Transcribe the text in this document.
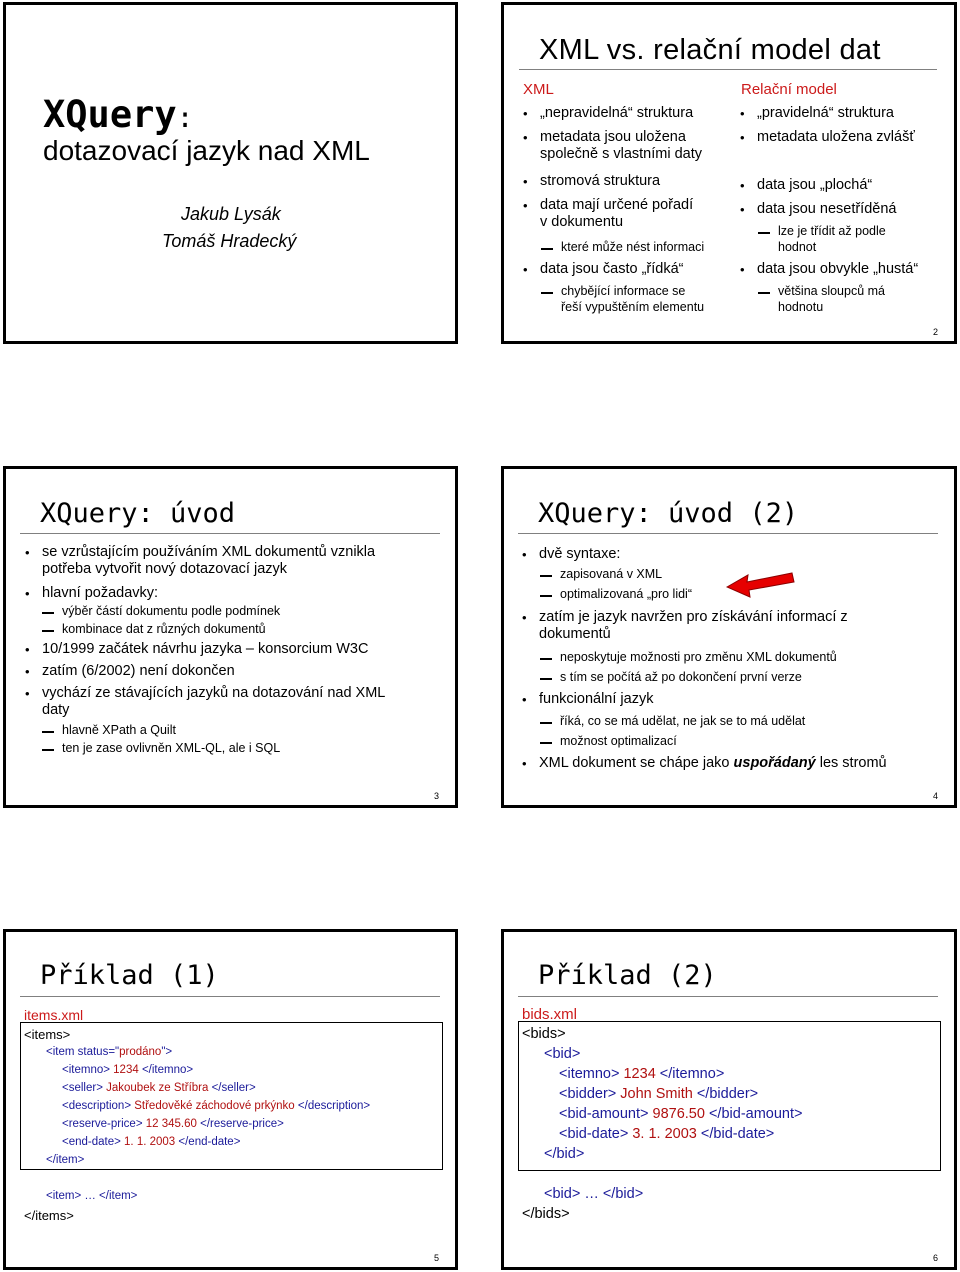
XQuery:
dotazovací jazyk nad XML
Jakub Lysák
Tomáš Hradecký
XML vs. relační model dat
XML
• „nepravidelná“ struktura
• metadata jsou uložena
společně s vlastními daty
• stromová struktura
• data mají určené pořadí
v dokumentu
které může nést informaci
• data jsou často „řídká“
chybějící informace se
řeší vypuštěním elementu
Relační model
• „pravidelná“ struktura
• metadata uložena zvlášť
• data jsou „plochá“
• data jsou nesetříděná
lze je třídit až podle
hodnot
• data jsou obvykle „hustá“
většina sloupců má
hodnotu
2
XQuery: úvod
• se vzrůstajícím používáním XML dokumentů vznikla
potřeba vytvořit nový dotazovací jazyk
• hlavní požadavky:
výběr částí dokumentu podle podmínek
kombinace dat z různých dokumentů
• 10/1999 začátek návrhu jazyka – konsorcium W3C
• zatím (6/2002) není dokončen
• vychází ze stávajících jazyků na dotazování nad XML
daty
hlavně XPath a Quilt
ten je zase ovlivněn XML-QL, ale i SQL
3
XQuery: úvod (2)
• dvě syntaxe:
zapisovaná v XML
optimalizovaná „pro lidi“
• zatím je jazyk navržen pro získávání informací z
dokumentů
neposkytuje možnosti pro změnu XML dokumentů
s tím se počítá až po dokončení první verze
• funkcionální jazyk
říká, co se má udělat, ne jak se to má udělat
možnost optimalizací
• XML dokument se chápe jako uspořádaný les stromů
4
Příklad (1)
items.xml
<items>
<item status="prodáno">
<itemno> 1234 </itemno>
<seller> Jakoubek ze Stříbra </seller>
<description> Středověké záchodové prkýnko </description>
<reserve-price> 12 345.60 </reserve-price>
<end-date> 1. 1. 2003 </end-date>
</item>
<item> … </item>
</items>
5
Příklad (2)
bids.xml
<bids>
<bid>
<itemno> 1234 </itemno>
<bidder> John Smith </bidder>
<bid-amount> 9876.50 </bid-amount>
<bid-date> 3. 1. 2003 </bid-date>
</bid>
<bid> … </bid>
</bids>
6
